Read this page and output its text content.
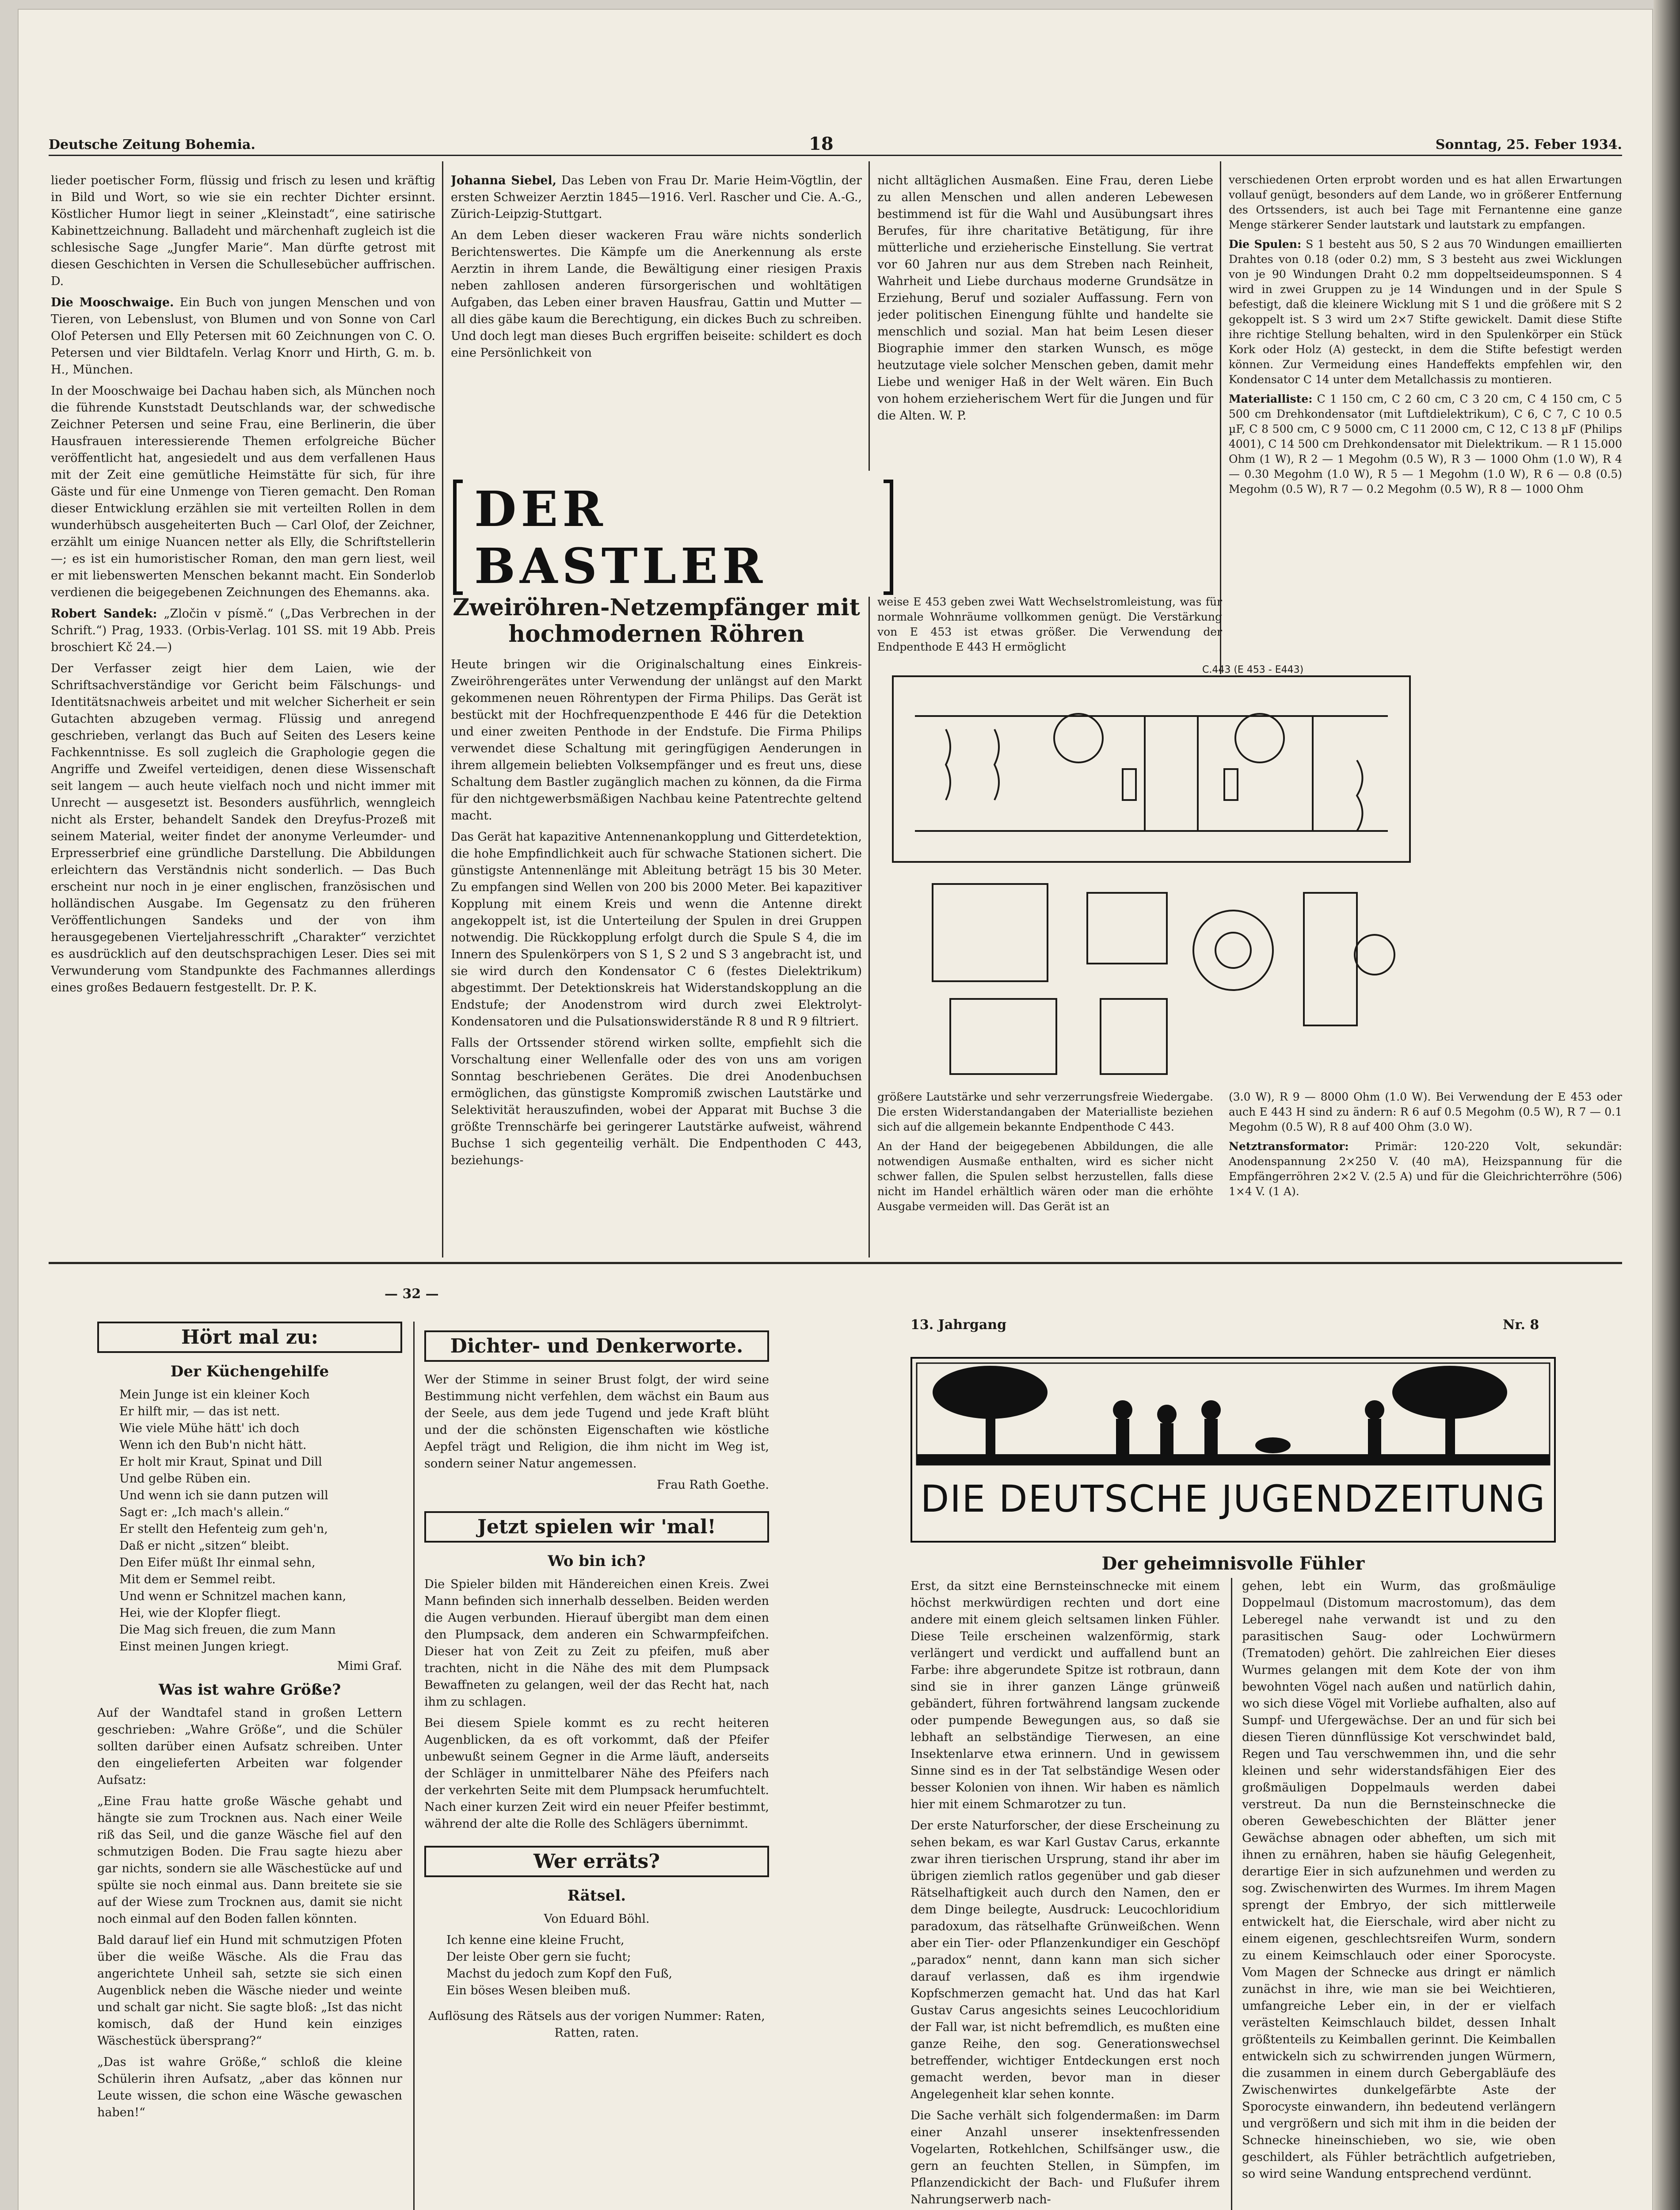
Deutsche Zeitung Bohemia.	18	Sonntag, 25. Feber 1934.

lieder poetischer Form, flüssig und frisch zu lesen und kräftig in Bild und Wort, so wie sie ein rechter Dichter ersinnt. Köstlicher Humor liegt in seiner „Kleinstadt“, eine satirische Kabinettzeichnung. Balladeht und märchenhaft zugleich ist die schlesische Sage „Jungfer Marie“. Man dürfte getrost mit diesen Geschichten in Versen die Schullesebücher auffrischen. D.

Die Mooschwaige. Ein Buch von jungen Menschen und von Tieren, von Lebenslust, von Blumen und von Sonne von Carl Olof Petersen und Elly Petersen mit 60 Zeichnungen von C. O. Petersen und vier Bildtafeln. Verlag Knorr und Hirth, G. m. b. H., München.

In der Mooschwaige bei Dachau haben sich, als München noch die führende Kunststadt Deutschlands war, der schwedische Zeichner Petersen und seine Frau, eine Berlinerin, die über Hausfrauen interessierende Themen erfolgreiche Bücher veröffentlicht hat, angesiedelt und aus dem verfallenen Haus mit der Zeit eine gemütliche Heimstätte für sich, für ihre Gäste und für eine Unmenge von Tieren gemacht. Den Roman dieser Entwicklung erzählen sie mit verteilten Rollen in dem wunderhübsch ausgeheiterten Buch — Carl Olof, der Zeichner, erzählt um einige Nuancen netter als Elly, die Schriftstellerin —; es ist ein humoristischer Roman, den man gern liest, weil er mit liebenswerten Menschen bekannt macht. Ein Sonderlob verdienen die beigegebenen Zeichnungen des Ehemanns. aka.

Robert Sandek: „Zločin v písmě.“ („Das Verbrechen in der Schrift.“) Prag, 1933. (Orbis-Verlag. 101 SS. mit 19 Abb. Preis broschiert Kč 24.—)

Der Verfasser zeigt hier dem Laien, wie der Schriftsachverständige vor Gericht beim Fälschungs- und Identitätsnachweis arbeitet und mit welcher Sicherheit er sein Gutachten abzugeben vermag. Flüssig und anregend geschrieben, verlangt das Buch auf Seiten des Lesers keine Fachkenntnisse. Es soll zugleich die Graphologie gegen die Angriffe und Zweifel verteidigen, denen diese Wissenschaft seit langem — auch heute vielfach noch und nicht immer mit Unrecht — ausgesetzt ist. Besonders ausführlich, wenngleich nicht als Erster, behandelt Sandek den Dreyfus-Prozeß mit seinem Material, weiter findet der anonyme Verleumder- und Erpresserbrief eine gründliche Darstellung. Die Abbildungen erleichtern das Verständnis nicht sonderlich. — Das Buch erscheint nur noch in je einer englischen, französischen und holländischen Ausgabe. Im Gegensatz zu den früheren Veröffentlichungen Sandeks und der von ihm herausgegebenen Vierteljahresschrift „Charakter“ verzichtet es ausdrücklich auf den deutschsprachigen Leser. Dies sei mit Verwunderung vom Standpunkte des Fachmannes allerdings eines großes Bedauern festgestellt. Dr. P. K.

Johanna Siebel, Das Leben von Frau Dr. Marie Heim-Vögtlin, der ersten Schweizer Aerztin 1845—1916. Verl. Rascher und Cie. A.-G., Zürich-Leipzig-Stuttgart.

An dem Leben dieser wackeren Frau wäre nichts sonderlich Berichtenswertes. Die Kämpfe um die Anerkennung als erste Aerztin in ihrem Lande, die Bewältigung einer riesigen Praxis neben zahllosen anderen fürsorgerischen und wohltätigen Aufgaben, das Leben einer braven Hausfrau, Gattin und Mutter — all dies gäbe kaum die Berechtigung, ein dickes Buch zu schreiben. Und doch legt man dieses Buch ergriffen beiseite: schildert es doch eine Persönlichkeit von

nicht alltäglichen Ausmaßen. Eine Frau, deren Liebe zu allen Menschen und allen anderen Lebewesen bestimmend ist für die Wahl und Ausübungsart ihres Berufes, für ihre charitative Betätigung, für ihre mütterliche und erzieherische Einstellung. Sie vertrat vor 60 Jahren nur aus dem Streben nach Reinheit, Wahrheit und Liebe durchaus moderne Grundsätze in Erziehung, Beruf und sozialer Auffassung. Fern von jeder politischen Einengung fühlte und handelte sie menschlich und sozial. Man hat beim Lesen dieser Biographie immer den starken Wunsch, es möge heutzutage viele solcher Menschen geben, damit mehr Liebe und weniger Haß in der Welt wären. Ein Buch von hohem erzieherischem Wert für die Jungen und für die Alten. W. P.

verschiedenen Orten erprobt worden und es hat allen Erwartungen vollauf genügt, besonders auf dem Lande, wo in größerer Entfernung des Ortssenders, ist auch bei Tage mit Fernantenne eine ganze Menge stärkerer Sender lautstark und lautstark zu empfangen.

Die Spulen: S 1 besteht aus 50, S 2 aus 70 Windungen emaillierten Drahtes von 0.18 (oder 0.2) mm, S 3 besteht aus zwei Wicklungen von je 90 Windungen Draht 0.2 mm doppeltseideumsponnen. S 4 wird in zwei Gruppen zu je 14 Windungen und in der Spule S befestigt, daß die kleinere Wicklung mit S 1 und die größere mit S 2 gekoppelt ist. S 3 wird um 2×7 Stifte gewickelt. Damit diese Stifte ihre richtige Stellung behalten, wird in den Spulenkörper ein Stück Kork oder Holz (A) gesteckt, in dem die Stifte befestigt werden können. Zur Vermeidung eines Handeffekts empfehlen wir, den Kondensator C 14 unter dem Metallchassis zu montieren.

Materialliste: C 1 150 cm, C 2 60 cm, C 3 20 cm, C 4 150 cm, C 5 500 cm Drehkondensator (mit Luftdielektrikum), C 6, C 7, C 10 0.5 µF, C 8 500 cm, C 9 5000 cm, C 11 2000 cm, C 12, C 13 8 µF (Philips 4001), C 14 500 cm Drehkondensator mit Dielektrikum. — R 1 15.000 Ohm (1 W), R 2 — 1 Megohm (0.5 W), R 3 — 1000 Ohm (1.0 W), R 4 — 0.30 Megohm (1.0 W), R 5 — 1 Megohm (1.0 W), R 6 — 0.8 (0.5) Megohm (0.5 W), R 7 — 0.2 Megohm (0.5 W), R 8 — 1000 Ohm

DER BASTLER

Zweiröhren-Netzempfänger mit hochmodernen Röhren

Heute bringen wir die Originalschaltung eines Einkreis-Zweiröhrengerätes unter Verwendung der unlängst auf den Markt gekommenen neuen Röhrentypen der Firma Philips. Das Gerät ist bestückt mit der Hochfrequenzpenthode E 446 für die Detektion und einer zweiten Penthode in der Endstufe. Die Firma Philips verwendet diese Schaltung mit geringfügigen Aenderungen in ihrem allgemein beliebten Volksempfänger und es freut uns, diese Schaltung dem Bastler zugänglich machen zu können, da die Firma für den nichtgewerbsmäßigen Nachbau keine Patentrechte geltend macht.

Das Gerät hat kapazitive Antennenankopplung und Gitterdetektion, die hohe Empfindlichkeit auch für schwache Stationen sichert. Die günstigste Antennenlänge mit Ableitung beträgt 15 bis 30 Meter. Zu empfangen sind Wellen von 200 bis 2000 Meter. Bei kapazitiver Kopplung mit einem Kreis und wenn die Antenne direkt angekoppelt ist, ist die Unterteilung der Spulen in drei Gruppen notwendig. Die Rückkopplung erfolgt durch die Spule S 4, die im Innern des Spulenkörpers von S 1, S 2 und S 3 angebracht ist, und sie wird durch den Kondensator C 6 (festes Dielektrikum) abgestimmt. Der Detektionskreis hat Widerstandskopplung an die Endstufe; der Anodenstrom wird durch zwei Elektrolyt-Kondensatoren und die Pulsationswiderstände R 8 und R 9 filtriert.

Falls der Ortssender störend wirken sollte, empfiehlt sich die Vorschaltung einer Wellenfalle oder des von uns am vorigen Sonntag beschriebenen Gerätes. Die drei Anodenbuchsen ermöglichen, das günstigste Kompromiß zwischen Lautstärke und Selektivität herauszufinden, wobei der Apparat mit Buchse 3 die größte Trennschärfe bei geringerer Lautstärke aufweist, während Buchse 1 sich gegenteilig verhält. Die Endpenthoden C 443, beziehungs-

weise E 453 geben zwei Watt Wechselstromleistung, was für normale Wohnräume vollkommen genügt. Die Verstärkung von E 453 ist etwas größer. Die Verwendung der Endpenthode E 443 H ermöglicht

C.443 (E 453 - E443)

größere Lautstärke und sehr verzerrungsfreie Wiedergabe. Die ersten Widerstandangaben der Materialliste beziehen sich auf die allgemein bekannte Endpenthode C 443.

An der Hand der beigegebenen Abbildungen, die alle notwendigen Ausmaße enthalten, wird es sicher nicht schwer fallen, die Spulen selbst herzustellen, falls diese nicht im Handel erhältlich wären oder man die erhöhte Ausgabe vermeiden will. Das Gerät ist an

(3.0 W), R 9 — 8000 Ohm (1.0 W). Bei Verwendung der E 453 oder auch E 443 H sind zu ändern: R 6 auf 0.5 Megohm (0.5 W), R 7 — 0.1 Megohm (0.5 W), R 8 auf 400 Ohm (3.0 W).

Netztransformator: Primär: 120-220 Volt, sekundär: Anodenspannung 2×250 V. (40 mA), Heizspannung für die Empfängerröhren 2×2 V. (2.5 A) und für die Gleichrichterröhre (506) 1×4 V. (1 A).

— 32 —
Hört mal zu:
Der Küchengehilfe
Mein Junge ist ein kleiner Koch
Er hilft mir, — das ist nett.
Wie viele Mühe hätt' ich doch
Wenn ich den Bub'n nicht hätt.
Er holt mir Kraut, Spinat und Dill
Und gelbe Rüben ein.
Und wenn ich sie dann putzen will
Sagt er: „Ich mach's allein.“
Er stellt den Hefenteig zum geh'n,
Daß er nicht „sitzen“ bleibt.
Den Eifer müßt Ihr einmal sehn,
Mit dem er Semmel reibt.
Und wenn er Schnitzel machen kann,
Hei, wie der Klopfer fliegt.
Die Mag sich freuen, die zum Mann
Einst meinen Jungen kriegt.

Mimi Graf.

Was ist wahre Größe?

Auf der Wandtafel stand in großen Lettern geschrieben: „Wahre Größe“, und die Schüler sollten darüber einen Aufsatz schreiben. Unter den eingelieferten Arbeiten war folgender Aufsatz:

„Eine Frau hatte große Wäsche gehabt und hängte sie zum Trocknen aus. Nach einer Weile riß das Seil, und die ganze Wäsche fiel auf den schmutzigen Boden. Die Frau sagte hiezu aber gar nichts, sondern sie alle Wäschestücke auf und spülte sie noch einmal aus. Dann breitete sie sie auf der Wiese zum Trocknen aus, damit sie nicht noch einmal auf den Boden fallen könnten.

Bald darauf lief ein Hund mit schmutzigen Pfoten über die weiße Wäsche. Als die Frau das angerichtete Unheil sah, setzte sie sich einen Augenblick neben die Wäsche nieder und weinte und schalt gar nicht. Sie sagte bloß: „Ist das nicht komisch, daß der Hund kein einziges Wäschestück übersprang?“

„Das ist wahre Größe,“ schloß die kleine Schülerin ihren Aufsatz, „aber das können nur Leute wissen, die schon eine Wäsche gewaschen haben!“

Dichter- und Denkerworte.

Wer der Stimme in seiner Brust folgt, der wird seine Bestimmung nicht verfehlen, dem wächst ein Baum aus der Seele, aus dem jede Tugend und jede Kraft blüht und der die schönsten Eigenschaften wie köstliche Aepfel trägt und Religion, die ihm nicht im Weg ist, sondern seiner Natur angemessen.

Frau Rath Goethe.

Jetzt spielen wir 'mal!
Wo bin ich?

Die Spieler bilden mit Händereichen einen Kreis. Zwei Mann befinden sich innerhalb desselben. Beiden werden die Augen verbunden. Hierauf übergibt man dem einen den Plumpsack, dem anderen ein Schwarmpfeifchen. Dieser hat von Zeit zu Zeit zu pfeifen, muß aber trachten, nicht in die Nähe des mit dem Plumpsack Bewaffneten zu gelangen, weil der das Recht hat, nach ihm zu schlagen.

Bei diesem Spiele kommt es zu recht heiteren Augenblicken, da es oft vorkommt, daß der Pfeifer unbewußt seinem Gegner in die Arme läuft, anderseits der Schläger in unmittelbarer Nähe des Pfeifers nach der verkehrten Seite mit dem Plumpsack herumfuchtelt. Nach einer kurzen Zeit wird ein neuer Pfeifer bestimmt, während der alte die Rolle des Schlägers übernimmt.

Wer erräts?
Rätsel.

Von Eduard Böhl.

Ich kenne eine kleine Frucht,
Der leiste Ober gern sie fucht;
Machst du jedoch zum Kopf den Fuß,
Ein böses Wesen bleiben muß.

Auflösung des Rätsels aus der vorigen Nummer: Raten, Ratten, raten.

13. Jahrgang	Nr. 8
DIE DEUTSCHE JUGENDZEITUNG
Der geheimnisvolle Fühler

Erst, da sitzt eine Bernsteinschnecke mit einem höchst merkwürdigen rechten und dort eine andere mit einem gleich seltsamen linken Fühler. Diese Teile erscheinen walzenförmig, stark verlängert und verdickt und auffallend bunt an Farbe: ihre abgerundete Spitze ist rotbraun, dann sind sie in ihrer ganzen Länge grünweiß gebändert, führen fortwährend langsam zuckende oder pumpende Bewegungen aus, so daß sie lebhaft an selbständige Tierwesen, an eine Insektenlarve etwa erinnern. Und in gewissem Sinne sind es in der Tat selbständige Wesen oder besser Kolonien von ihnen. Wir haben es nämlich hier mit einem Schmarotzer zu tun.

Der erste Naturforscher, der diese Erscheinung zu sehen bekam, es war Karl Gustav Carus, erkannte zwar ihren tierischen Ursprung, stand ihr aber im übrigen ziemlich ratlos gegenüber und gab dieser Rätselhaftigkeit auch durch den Namen, den er dem Dinge beilegte, Ausdruck: Leucochloridium paradoxum, das rätselhafte Grünweißchen. Wenn aber ein Tier- oder Pflanzenkundiger ein Geschöpf „paradox“ nennt, dann kann man sich sicher darauf verlassen, daß es ihm irgendwie Kopfschmerzen gemacht hat. Und das hat Karl Gustav Carus angesichts seines Leucochloridium der Fall war, ist nicht befremdlich, es mußten eine ganze Reihe, den sog. Generationswechsel betreffender, wichtiger Entdeckungen erst noch gemacht werden, bevor man in dieser Angelegenheit klar sehen konnte.

Die Sache verhält sich folgendermaßen: im Darm einer Anzahl unserer insektenfressenden Vogelarten, Rotkehlchen, Schilfsänger usw., die gern an feuchten Stellen, in Sümpfen, im Pflanzendickicht der Bach- und Flußufer ihrem Nahrungserwerb nach-

gehen, lebt ein Wurm, das großmäulige Doppelmaul (Distomum macrostomum), das dem Leberegel nahe verwandt ist und zu den parasitischen Saug- oder Lochwürmern (Trematoden) gehört. Die zahlreichen Eier dieses Wurmes gelangen mit dem Kote der von ihm bewohnten Vögel nach außen und natürlich dahin, wo sich diese Vögel mit Vorliebe aufhalten, also auf Sumpf- und Ufergewächse. Der an und für sich bei diesen Tieren dünnflüssige Kot verschwindet bald, Regen und Tau verschwemmen ihn, und die sehr kleinen und sehr widerstandsfähigen Eier des großmäuligen Doppelmauls werden dabei verstreut. Da nun die Bernsteinschnecke die oberen Gewebeschichten der Blätter jener Gewächse abnagen oder abheften, um sich mit ihnen zu ernähren, haben sie häufig Gelegenheit, derartige Eier in sich aufzunehmen und werden zu sog. Zwischenwirten des Wurmes. Im ihrem Magen sprengt der Embryo, der sich mittlerweile entwickelt hat, die Eierschale, wird aber nicht zu einem eigenen, geschlechtsreifen Wurm, sondern zu einem Keimschlauch oder einer Sporocyste. Vom Magen der Schnecke aus dringt er nämlich zunächst in ihre, wie man sie bei Weichtieren, umfangreiche Leber ein, in der er vielfach verästelten Keimschlauch bildet, dessen Inhalt größtenteils zu Keimballen gerinnt. Die Keimballen entwickeln sich zu schwirrenden jungen Würmern, die zusammen in einem durch Gebergabläufe des Zwischenwirtes dunkelgefärbte Aste der Sporocyste einwandern, ihn bedeutend verlängern und vergrößern und sich mit ihm in die beiden der Schnecke hineinschieben, wo sie, wie oben geschildert, als Fühler beträchtlich aufgetrieben, so wird seine Wandung entsprechend verdünnt.
